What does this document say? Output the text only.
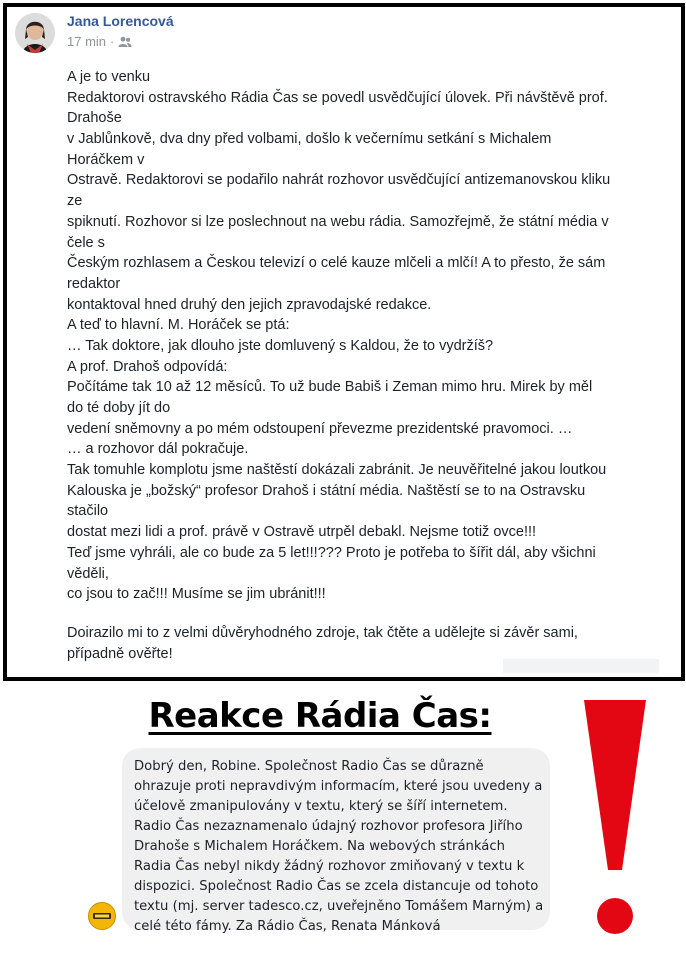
Jana Lorencová
17 min ·
A je to venku
Redaktorovi ostravského Rádia Čas se povedl usvědčující úlovek. Při návštěvě prof.
Drahoše
v Jablůnkově, dva dny před volbami, došlo k večernímu setkání s Michalem
Horáčkem v
Ostravě. Redaktorovi se podařilo nahrát rozhovor usvědčující antizemanovskou kliku
ze
spiknutí. Rozhovor si lze poslechnout na webu rádia. Samozřejmě, že státní média v
čele s
Českým rozhlasem a Českou televizí o celé kauze mlčeli a mlčí! A to přesto, že sám
redaktor
kontaktoval hned druhý den jejich zpravodajské redakce.
A teď to hlavní. M. Horáček se ptá:
… Tak doktore, jak dlouho jste domluvený s Kaldou, že to vydržíš?
A prof. Drahoš odpovídá:
Počítáme tak 10 až 12 měsíců. To už bude Babiš i Zeman mimo hru. Mirek by měl
do té doby jít do
vedení sněmovny a po mém odstoupení převezme prezidentské pravomoci. …
… a rozhovor dál pokračuje.
Tak tomuhle komplotu jsme naštěstí dokázali zabránit. Je neuvěřitelné jakou loutkou
Kalouska je „božský“ profesor Drahoš i státní média. Naštěstí se to na Ostravsku
stačilo
dostat mezi lidi a prof. právě v Ostravě utrpěl debakl. Nejsme totiž ovce!!!
Teď jsme vyhráli, ale co bude za 5 let!!!??? Proto je potřeba to šířit dál, aby všichni
věděli,
co jsou to zač!!! Musíme se jim ubránit!!!
Doirazilo mi to z velmi důvěryhodného zdroje, tak čtěte a udělejte si závěr sami,
případně ověřte!
Reakce Rádia Čas:
Dobrý den, Robine. Společnost Radio Čas se důrazně
ohrazuje proti nepravdivým informacím, které jsou uvedeny a
účelově zmanipulovány v textu, který se šíří internetem.
Radio Čas nezaznamenalo údajný rozhovor profesora Jiřího
Drahoše s Michalem Horáčkem. Na webových stránkách
Radia Čas nebyl nikdy žádný rozhovor zmiňovaný v textu k
dispozici. Společnost Radio Čas se zcela distancuje od tohoto
textu (mj. server tadesco.cz, uveřejněno Tomášem Marným) a
celé této fámy. Za Rádio Čas, Renata Mánková
